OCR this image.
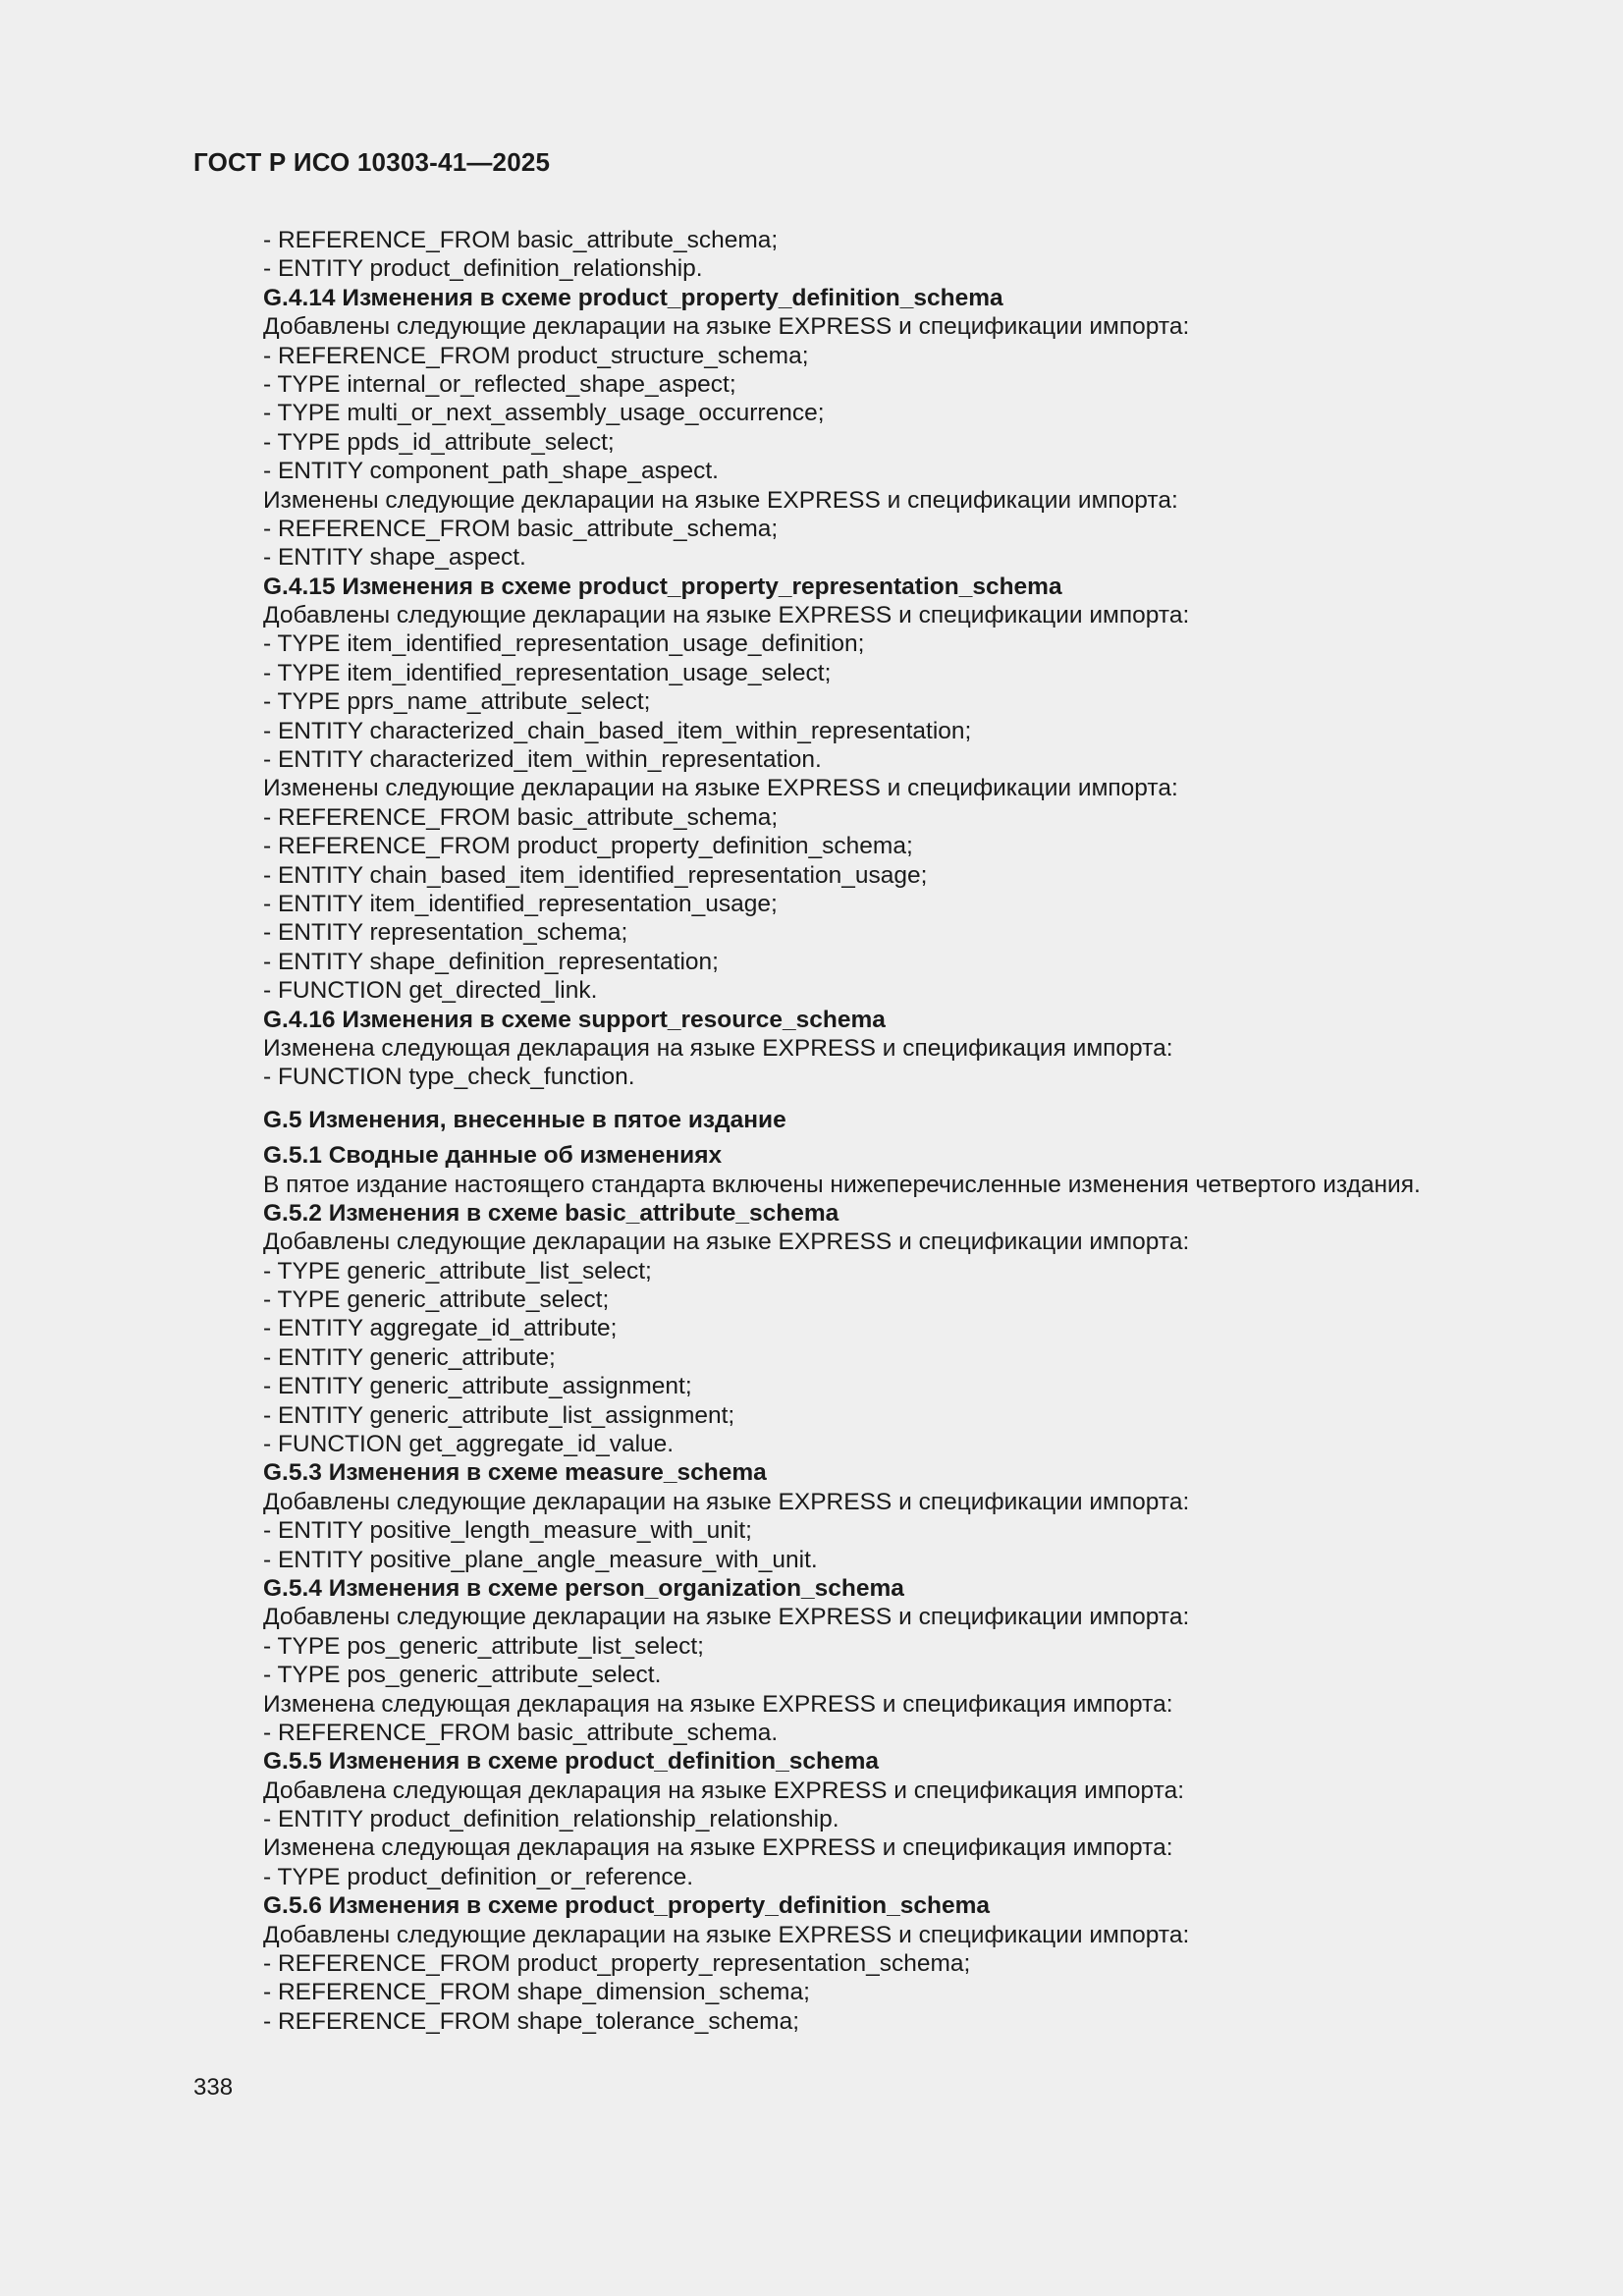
ГОСТ Р ИСО 10303-41—2025
- REFERENCE_FROM basic_attribute_schema;
- ENTITY product_definition_relationship.
G.4.14 Изменения в схеме product_property_definition_schema
Добавлены следующие декларации на языке EXPRESS и спецификации импорта:
- REFERENCE_FROM product_structure_schema;
- TYPE internal_or_reflected_shape_aspect;
- TYPE multi_or_next_assembly_usage_occurrence;
- TYPE ppds_id_attribute_select;
- ENTITY component_path_shape_aspect.
Изменены следующие декларации на языке EXPRESS и спецификации импорта:
- REFERENCE_FROM basic_attribute_schema;
- ENTITY shape_aspect.
G.4.15 Изменения в схеме product_property_representation_schema
Добавлены следующие декларации на языке EXPRESS и спецификации импорта:
- TYPE item_identified_representation_usage_definition;
- TYPE item_identified_representation_usage_select;
- TYPE pprs_name_attribute_select;
- ENTITY characterized_chain_based_item_within_representation;
- ENTITY characterized_item_within_representation.
Изменены следующие декларации на языке EXPRESS и спецификации импорта:
- REFERENCE_FROM basic_attribute_schema;
- REFERENCE_FROM product_property_definition_schema;
- ENTITY chain_based_item_identified_representation_usage;
- ENTITY item_identified_representation_usage;
- ENTITY representation_schema;
- ENTITY shape_definition_representation;
- FUNCTION get_directed_link.
G.4.16 Изменения в схеме support_resource_schema
Изменена следующая декларация на языке EXPRESS и спецификация импорта:
- FUNCTION type_check_function.
G.5 Изменения, внесенные в пятое издание
G.5.1 Сводные данные об изменениях
В пятое издание настоящего стандарта включены нижеперечисленные изменения четвертого издания.
G.5.2 Изменения в схеме basic_attribute_schema
Добавлены следующие декларации на языке EXPRESS и спецификации импорта:
- TYPE generic_attribute_list_select;
- TYPE generic_attribute_select;
- ENTITY aggregate_id_attribute;
- ENTITY generic_attribute;
- ENTITY generic_attribute_assignment;
- ENTITY generic_attribute_list_assignment;
- FUNCTION get_aggregate_id_value.
G.5.3 Изменения в схеме measure_schema
Добавлены следующие декларации на языке EXPRESS и спецификации импорта:
- ENTITY positive_length_measure_with_unit;
- ENTITY positive_plane_angle_measure_with_unit.
G.5.4 Изменения в схеме person_organization_schema
Добавлены следующие декларации на языке EXPRESS и спецификации импорта:
- TYPE pos_generic_attribute_list_select;
- TYPE pos_generic_attribute_select.
Изменена следующая декларация на языке EXPRESS и спецификация импорта:
- REFERENCE_FROM basic_attribute_schema.
G.5.5 Изменения в схеме product_definition_schema
Добавлена следующая декларация на языке EXPRESS и спецификация импорта:
- ENTITY product_definition_relationship_relationship.
Изменена следующая декларация на языке EXPRESS и спецификация импорта:
- TYPE product_definition_or_reference.
G.5.6 Изменения в схеме product_property_definition_schema
Добавлены следующие декларации на языке EXPRESS и спецификации импорта:
- REFERENCE_FROM product_property_representation_schema;
- REFERENCE_FROM shape_dimension_schema;
- REFERENCE_FROM shape_tolerance_schema;
338
